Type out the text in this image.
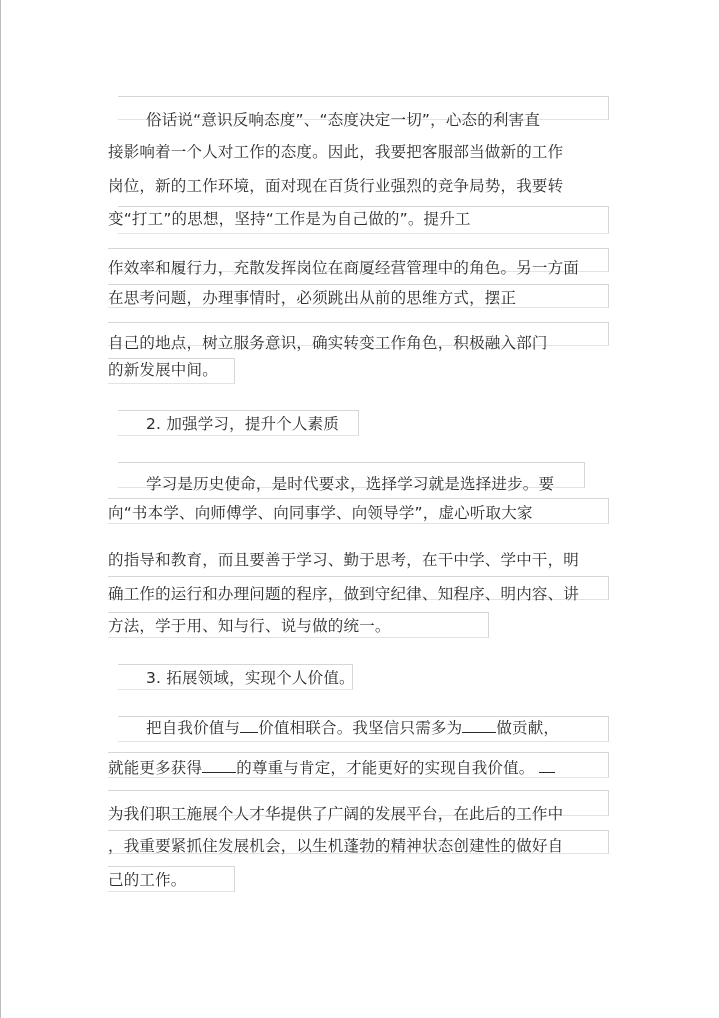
俗话说“意识反响态度”、“态度决定一切”，心态的利害直
接影响着一个人对工作的态度。因此，我要把客服部当做新的工作
岗位，新的工作环境，面对现在百货行业强烈的竞争局势，我要转
变“打工”的思想，坚持“工作是为自己做的”。提升工
作效率和履行力，充散发挥岗位在商厦经营管理中的角色。另一方面
在思考问题，办理事情时，必须跳出从前的思维方式，摆正
自己的地点，树立服务意识，确实转变工作角色，积极融入部门
的新发展中间。
2. 加强学习，提升个人素质
学习是历史使命，是时代要求，选择学习就是选择进步。要
向“书本学、向师傅学、向同事学、向领导学”，虚心听取大家
的指导和教育，而且要善于学习、勤于思考，在干中学、学中干，明
确工作的运行和办理问题的程序，做到守纪律、知程序、明内容、讲
方法，学于用、知与行、说与做的统一。
3. 拓展领域，实现个人价值。
把自我价值与 价值相联合。我坚信只需多为 做贡献，
就能更多获得 的尊重与肯定，才能更好的实现自我价值。
为我们职工施展个人才华提供了广阔的发展平台，在此后的工作中
，我重要紧抓住发展机会，以生机蓬勃的精神状态创建性的做好自
己的工作。
